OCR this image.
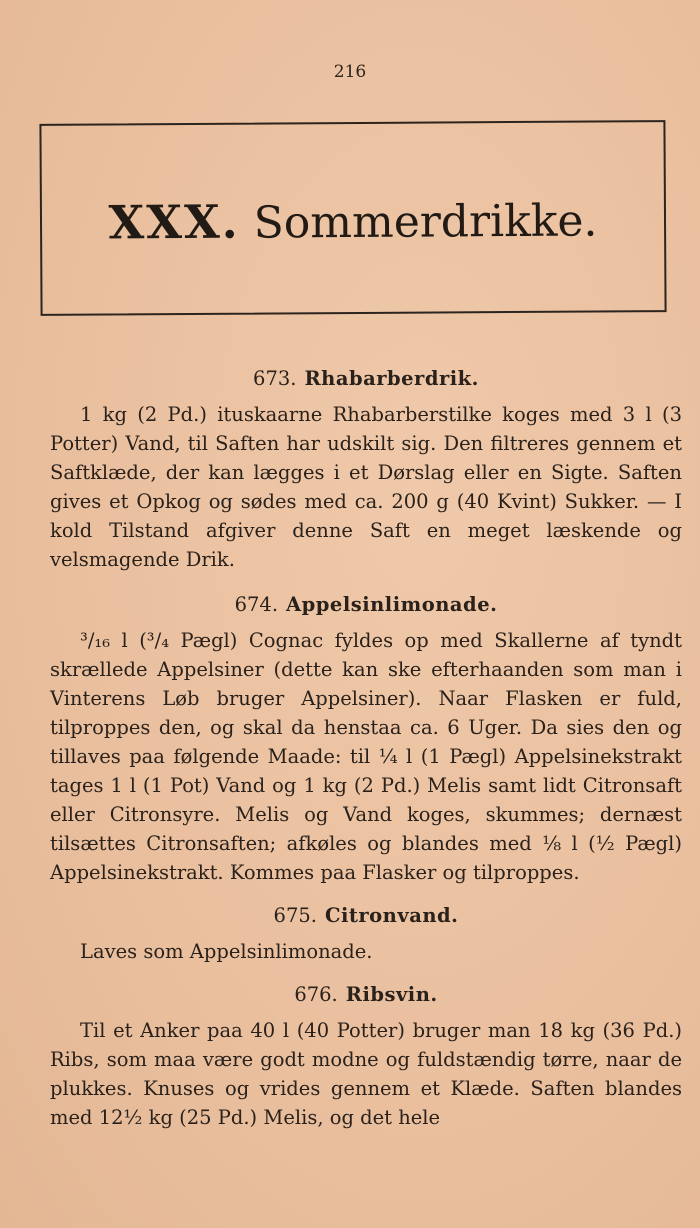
216
XXX. Sommerdrikke.
673. Rhabarberdrik.

1 kg (2 Pd.) ituskaarne Rhabarberstilke koges med 3 l (3 Potter) Vand, til Saften har udskilt sig. Den filtreres gennem et Saftklæde, der kan lægges i et Dørslag eller en Sigte. Saften gives et Opkog og sødes med ca. 200 g (40 Kvint) Sukker. — I kold Tilstand afgiver denne Saft en meget læskende og velsmagende Drik.

674. Appelsinlimonade.

³/₁₆ l (³/₄ Pægl) Cognac fyldes op med Skallerne af tyndt skrællede Appelsiner (dette kan ske efterhaanden som man i Vinterens Løb bruger Appelsiner). Naar Flasken er fuld, tilproppes den, og skal da henstaa ca. 6 Uger. Da sies den og tillaves paa følgende Maade: til ¼ l (1 Pægl) Appelsinekstrakt tages 1 l (1 Pot) Vand og 1 kg (2 Pd.) Melis samt lidt Citronsaft eller Citronsyre. Melis og Vand koges, skummes; dernæst tilsættes Citronsaften; afkøles og blandes med ⅛ l (½ Pægl) Appelsinekstrakt. Kommes paa Flasker og tilproppes.

675. Citronvand.

Laves som Appelsinlimonade.

676. Ribsvin.

Til et Anker paa 40 l (40 Potter) bruger man 18 kg (36 Pd.) Ribs, som maa være godt modne og fuldstændig tørre, naar de plukkes. Knuses og vrides gennem et Klæde. Saften blandes med 12½ kg (25 Pd.) Melis, og det hele
